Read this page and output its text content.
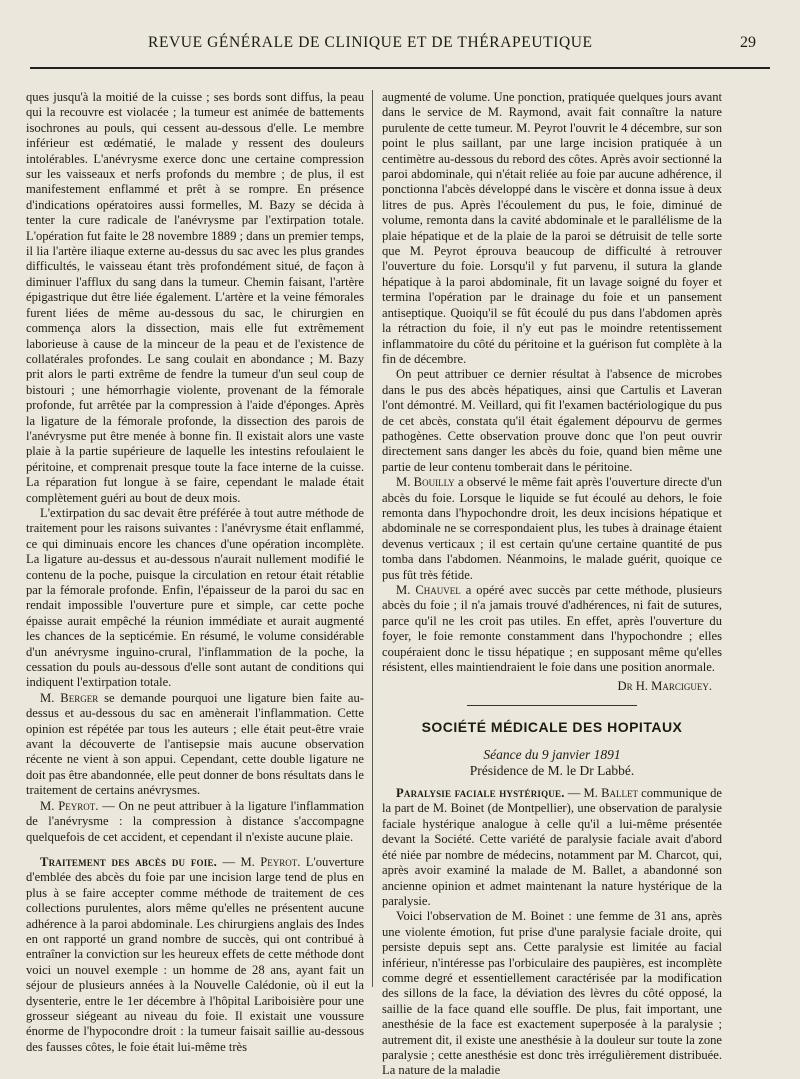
REVUE GÉNÉRALE DE CLINIQUE ET DE THÉRAPEUTIQUE	29

ques jusqu'à la moitié de la cuisse ; ses bords sont diffus, la peau qui la recouvre est violacée ; la tumeur est animée de battements isochrones au pouls, qui cessent au-dessous d'elle. Le membre inférieur est œdématié, le malade y ressent des douleurs intolérables. L'anévrysme exerce donc une certaine compression sur les vaisseaux et nerfs profonds du membre ; de plus, il est manifestement enflammé et prêt à se rompre. En présence d'indications opératoires aussi formelles, M. Bazy se décida à tenter la cure radicale de l'anévrysme par l'extirpation totale. L'opération fut faite le 28 novembre 1889 ; dans un premier temps, il lia l'artère iliaque externe au-dessus du sac avec les plus grandes difficultés, le vaisseau étant très profondément situé, de façon à diminuer l'afflux du sang dans la tumeur. Chemin faisant, l'artère épigastrique dut être liée également. L'artère et la veine fémorales furent liées de même au-dessous du sac, le chirurgien en commença alors la dissection, mais elle fut extrêmement laborieuse à cause de la minceur de la peau et de l'existence de collatérales profondes. Le sang coulait en abondance ; M. Bazy prit alors le parti extrême de fendre la tumeur d'un seul coup de bistouri ; une hémorrhagie violente, provenant de la fémorale profonde, fut arrêtée par la compression à l'aide d'éponges. Après la ligature de la fémorale profonde, la dissection des parois de l'anévrysme put être menée à bonne fin. Il existait alors une vaste plaie à la partie supérieure de laquelle les intestins refoulaient le péritoine, et comprenait presque toute la face interne de la cuisse. La réparation fut longue à se faire, cependant le malade était complètement guéri au bout de deux mois.

L'extirpation du sac devait être préférée à tout autre méthode de traitement pour les raisons suivantes : l'anévrysme était enflammé, ce qui diminuais encore les chances d'une opération incomplète. La ligature au-dessus et au-dessous n'aurait nullement modifié le contenu de la poche, puisque la circulation en retour était rétablie par la fémorale profonde. Enfin, l'épaisseur de la paroi du sac en rendait impossible l'ouverture pure et simple, car cette poche épaisse aurait empêché la réunion immédiate et aurait augmenté les chances de la septicémie. En résumé, le volume considérable d'un anévrysme inguino-crural, l'inflammation de la poche, la cessation du pouls au-dessous d'elle sont autant de conditions qui indiquent l'extirpation totale.

M. Berger se demande pourquoi une ligature bien faite au-dessus et au-dessous du sac en amènerait l'inflammation. Cette opinion est répétée par tous les auteurs ; elle était peut-être vraie avant la découverte de l'antisepsie mais aucune observation récente ne vient à son appui. Cependant, cette double ligature ne doit pas être abandonnée, elle peut donner de bons résultats dans le traitement de certains anévrysmes.

M. Peyrot. — On ne peut attribuer à la ligature l'inflammation de l'anévrysme : la compression à distance s'accompagne quelquefois de cet accident, et cependant il n'existe aucune plaie.

Traitement des abcès du foie. — M. Peyrot. L'ouverture d'emblée des abcès du foie par une incision large tend de plus en plus à se faire accepter comme méthode de traitement de ces collections purulentes, alors même qu'elles ne présentent aucune adhérence à la paroi abdominale. Les chirurgiens anglais des Indes en ont rapporté un grand nombre de succès, qui ont contribué à entraîner la conviction sur les heureux effets de cette méthode dont voici un nouvel exemple : un homme de 28 ans, ayant fait un séjour de plusieurs années à la Nouvelle Calédonie, où il eut la dysenterie, entre le 1er décembre à l'hôpital Lariboisière pour une grosseur siégeant au niveau du foie. Il existait une voussure énorme de l'hypocondre droit : la tumeur faisait saillie au-dessous des fausses côtes, le foie était lui-même très

augmenté de volume. Une ponction, pratiquée quelques jours avant dans le service de M. Raymond, avait fait connaître la nature purulente de cette tumeur. M. Peyrot l'ouvrit le 4 décembre, sur son point le plus saillant, par une large incision pratiquée à un centimètre au-dessous du rebord des côtes. Après avoir sectionné la paroi abdominale, qui n'était reliée au foie par aucune adhérence, il ponctionna l'abcès développé dans le viscère et donna issue à deux litres de pus. Après l'écoulement du pus, le foie, diminué de volume, remonta dans la cavité abdominale et le parallélisme de la plaie hépatique et de la plaie de la paroi se détruisit de telle sorte que M. Peyrot éprouva beaucoup de difficulté à retrouver l'ouverture du foie. Lorsqu'il y fut parvenu, il sutura la glande hépatique à la paroi abdominale, fit un lavage soigné du foyer et termina l'opération par le drainage du foie et un pansement antiseptique. Quoiqu'il se fût écoulé du pus dans l'abdomen après la rétraction du foie, il n'y eut pas le moindre retentissement inflammatoire du côté du péritoine et la guérison fut complète à la fin de décembre.

On peut attribuer ce dernier résultat à l'absence de microbes dans le pus des abcès hépatiques, ainsi que Cartulis et Laveran l'ont démontré. M. Veillard, qui fit l'examen bactériologique du pus de cet abcès, constata qu'il était également dépourvu de germes pathogènes. Cette observation prouve donc que l'on peut ouvrir directement sans danger les abcès du foie, quand bien même une partie de leur contenu tomberait dans le péritoine.

M. Bouilly a observé le même fait après l'ouverture directe d'un abcès du foie. Lorsque le liquide se fut écoulé au dehors, le foie remonta dans l'hypochondre droit, les deux incisions hépatique et abdominale ne se correspondaient plus, les tubes à drainage étaient devenus verticaux ; il est certain qu'une certaine quantité de pus tomba dans l'abdomen. Néanmoins, le malade guérit, quoique ce pus fût très fétide.

M. Chauvel a opéré avec succès par cette méthode, plusieurs abcès du foie ; il n'a jamais trouvé d'adhérences, ni fait de sutures, parce qu'il ne les croit pas utiles. En effet, après l'ouverture du foyer, le foie remonte constamment dans l'hypochondre ; elles coupéraient donc le tissu hépatique ; en supposant même qu'elles résistent, elles maintiendraient le foie dans une position anormale.

Dr H. Marciguey.
SOCIÉTÉ MÉDICALE DES HOPITAUX
Séance du 9 janvier 1891
Présidence de M. le Dr Labbé.

Paralysie faciale hystérique. — M. Ballet communique de la part de M. Boinet (de Montpellier), une observation de paralysie faciale hystérique analogue à celle qu'il a lui-même présentée devant la Société. Cette variété de paralysie faciale avait d'abord été niée par nombre de médecins, notamment par M. Charcot, qui, après avoir examiné la malade de M. Ballet, a abandonné son ancienne opinion et admet maintenant la nature hystérique de la paralysie.

Voici l'observation de M. Boinet : une femme de 31 ans, après une violente émotion, fut prise d'une paralysie faciale droite, qui persiste depuis sept ans. Cette paralysie est limitée au facial inférieur, n'intéresse pas l'orbiculaire des paupières, est incomplète comme degré et essentiellement caractérisée par la modification des sillons de la face, la déviation des lèvres du côté opposé, la saillie de la face quand elle souffle. De plus, fait important, une anesthésie de la face est exactement superposée à la paralysie ; autrement dit, il existe une anesthésie à la douleur sur toute la zone paralysie ; cette anesthésie est donc très irrégulièrement distribuée. La nature de la maladie
